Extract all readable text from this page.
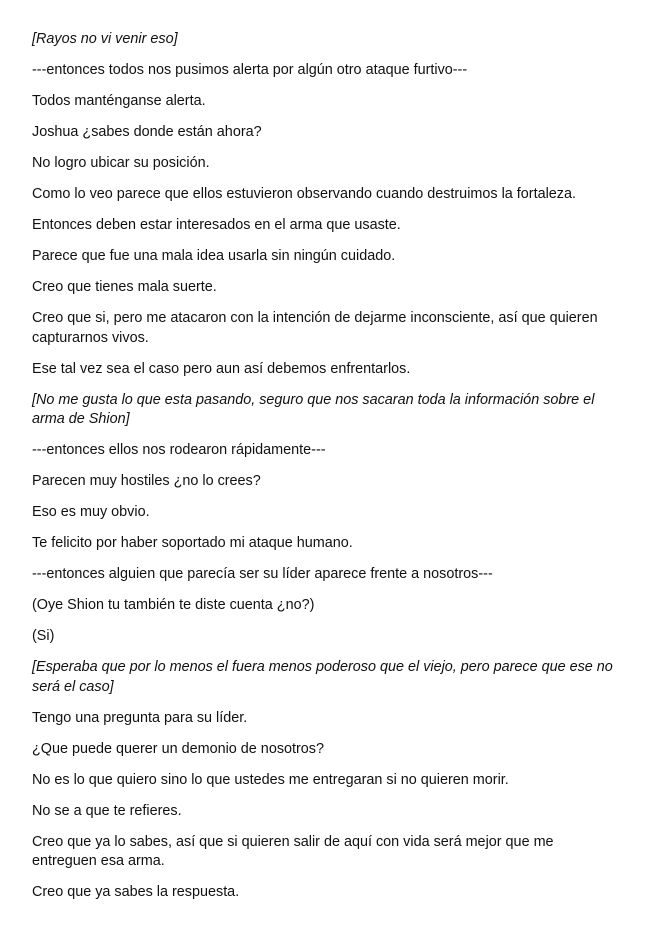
[Rayos no vi venir eso]

---entonces todos nos pusimos alerta por algún otro ataque furtivo---

Todos manténganse alerta.

Joshua ¿sabes donde están ahora?

No logro ubicar su posición.

Como lo veo parece que ellos estuvieron observando cuando destruimos la fortaleza.

Entonces deben estar interesados en el arma que usaste.

Parece que fue una mala idea usarla sin ningún cuidado.

Creo que tienes mala suerte.

Creo que si, pero me atacaron con la intención de dejarme inconsciente, así que quieren capturarnos vivos.

Ese tal vez sea el caso pero aun así debemos enfrentarlos.

[No me gusta lo que esta pasando, seguro que nos sacaran toda la información sobre el arma de Shion]

---entonces ellos nos rodearon rápidamente---

Parecen muy hostiles ¿no lo crees?

Eso es muy obvio.

Te felicito por haber soportado mi ataque humano.

---entonces alguien que parecía ser su líder aparece frente a nosotros---

(Oye Shion tu también te diste cuenta ¿no?)

(Si)

[Esperaba que por lo menos el fuera menos poderoso que el viejo, pero parece que ese no será el caso]

Tengo una pregunta para su líder.

¿Que puede querer un demonio de nosotros?

No es lo que quiero sino lo que ustedes me entregaran si no quieren morir.

No se a que te refieres.

Creo que ya lo sabes, así que si quieren salir de aquí con vida será mejor que me entreguen esa arma.

Creo que ya sabes la respuesta.
